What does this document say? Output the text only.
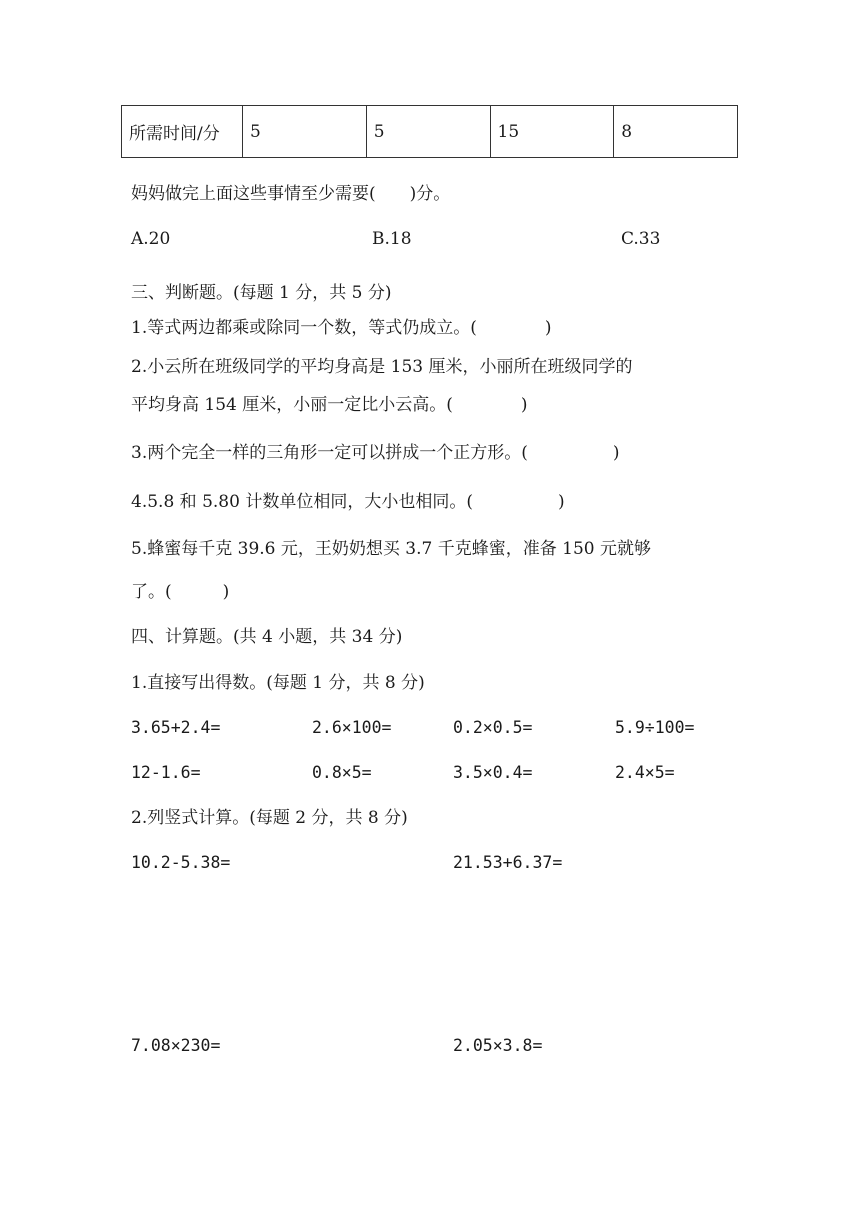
所需时间/分	5	5	15	8
妈妈做完上面这些事情至少需要(　　)分。
A.20	B.18	C.33
三、判断题。(每题 1 分，共 5 分)
1.等式两边都乘或除同一个数，等式仍成立。(　　　　)
2.小云所在班级同学的平均身高是 153 厘米，小丽所在班级同学的
平均身高 154 厘米，小丽一定比小云高。(　　　　)
3.两个完全一样的三角形一定可以拼成一个正方形。(　　　　　)
4.5.8 和 5.80 计数单位相同，大小也相同。(　　　　　)
5.蜂蜜每千克 39.6 元，王奶奶想买 3.7 千克蜂蜜，准备 150 元就够
了。(　　　)
四、计算题。(共 4 小题，共 34 分)
1.直接写出得数。(每题 1 分，共 8 分)
3.65+2.4=	2.6×100=	0.2×0.5=	5.9÷100=
12-1.6=	0.8×5=	3.5×0.4=	2.4×5=
2.列竖式计算。(每题 2 分，共 8 分)
10.2-5.38=	21.53+6.37=
7.08×230=	2.05×3.8=
